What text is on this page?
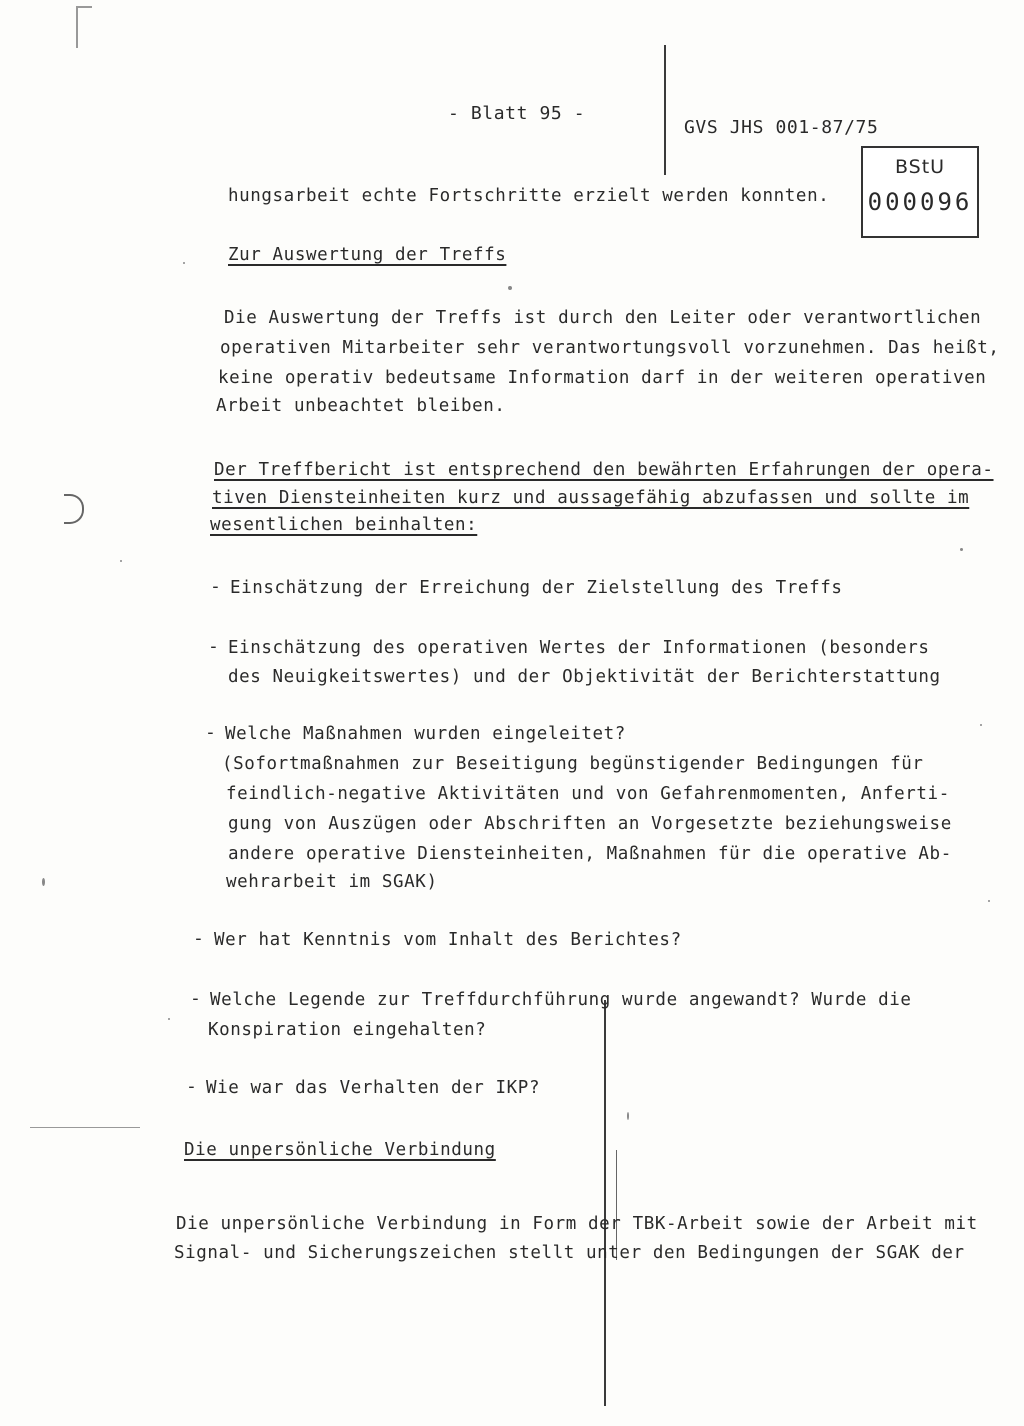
- Blatt 95 -
GVS JHS 001-87/75
BStU
000096
hungsarbeit echte Fortschritte erzielt werden konnten.
Zur Auswertung der Treffs
Die Auswertung der Treffs ist durch den Leiter oder verantwortlichen
operativen Mitarbeiter sehr verantwortungsvoll vorzunehmen. Das heißt,
keine operativ bedeutsame Information darf in der weiteren operativen
Arbeit unbeachtet bleiben.
Der Treffbericht ist entsprechend den bewährten Erfahrungen der opera-
tiven Diensteinheiten kurz und aussagefähig abzufassen und sollte im
wesentlichen beinhalten:
- Einschätzung der Erreichung der Zielstellung des Treffs
- Einschätzung des operativen Wertes der Informationen (besonders
des Neuigkeitswertes) und der Objektivität der Berichterstattung
- Welche Maßnahmen wurden eingeleitet?
(Sofortmaßnahmen zur Beseitigung begünstigender Bedingungen für
feindlich-negative Aktivitäten und von Gefahrenmomenten, Anferti-
gung von Auszügen oder Abschriften an Vorgesetzte beziehungsweise
andere operative Diensteinheiten, Maßnahmen für die operative Ab-
wehrarbeit im SGAK)
- Wer hat Kenntnis vom Inhalt des Berichtes?
- Welche Legende zur Treffdurchführung wurde angewandt? Wurde die
Konspiration eingehalten?
- Wie war das Verhalten der IKP?
Die unpersönliche Verbindung
Die unpersönliche Verbindung in Form der TBK-Arbeit sowie der Arbeit mit
Signal- und Sicherungszeichen stellt unter den Bedingungen der SGAK der
